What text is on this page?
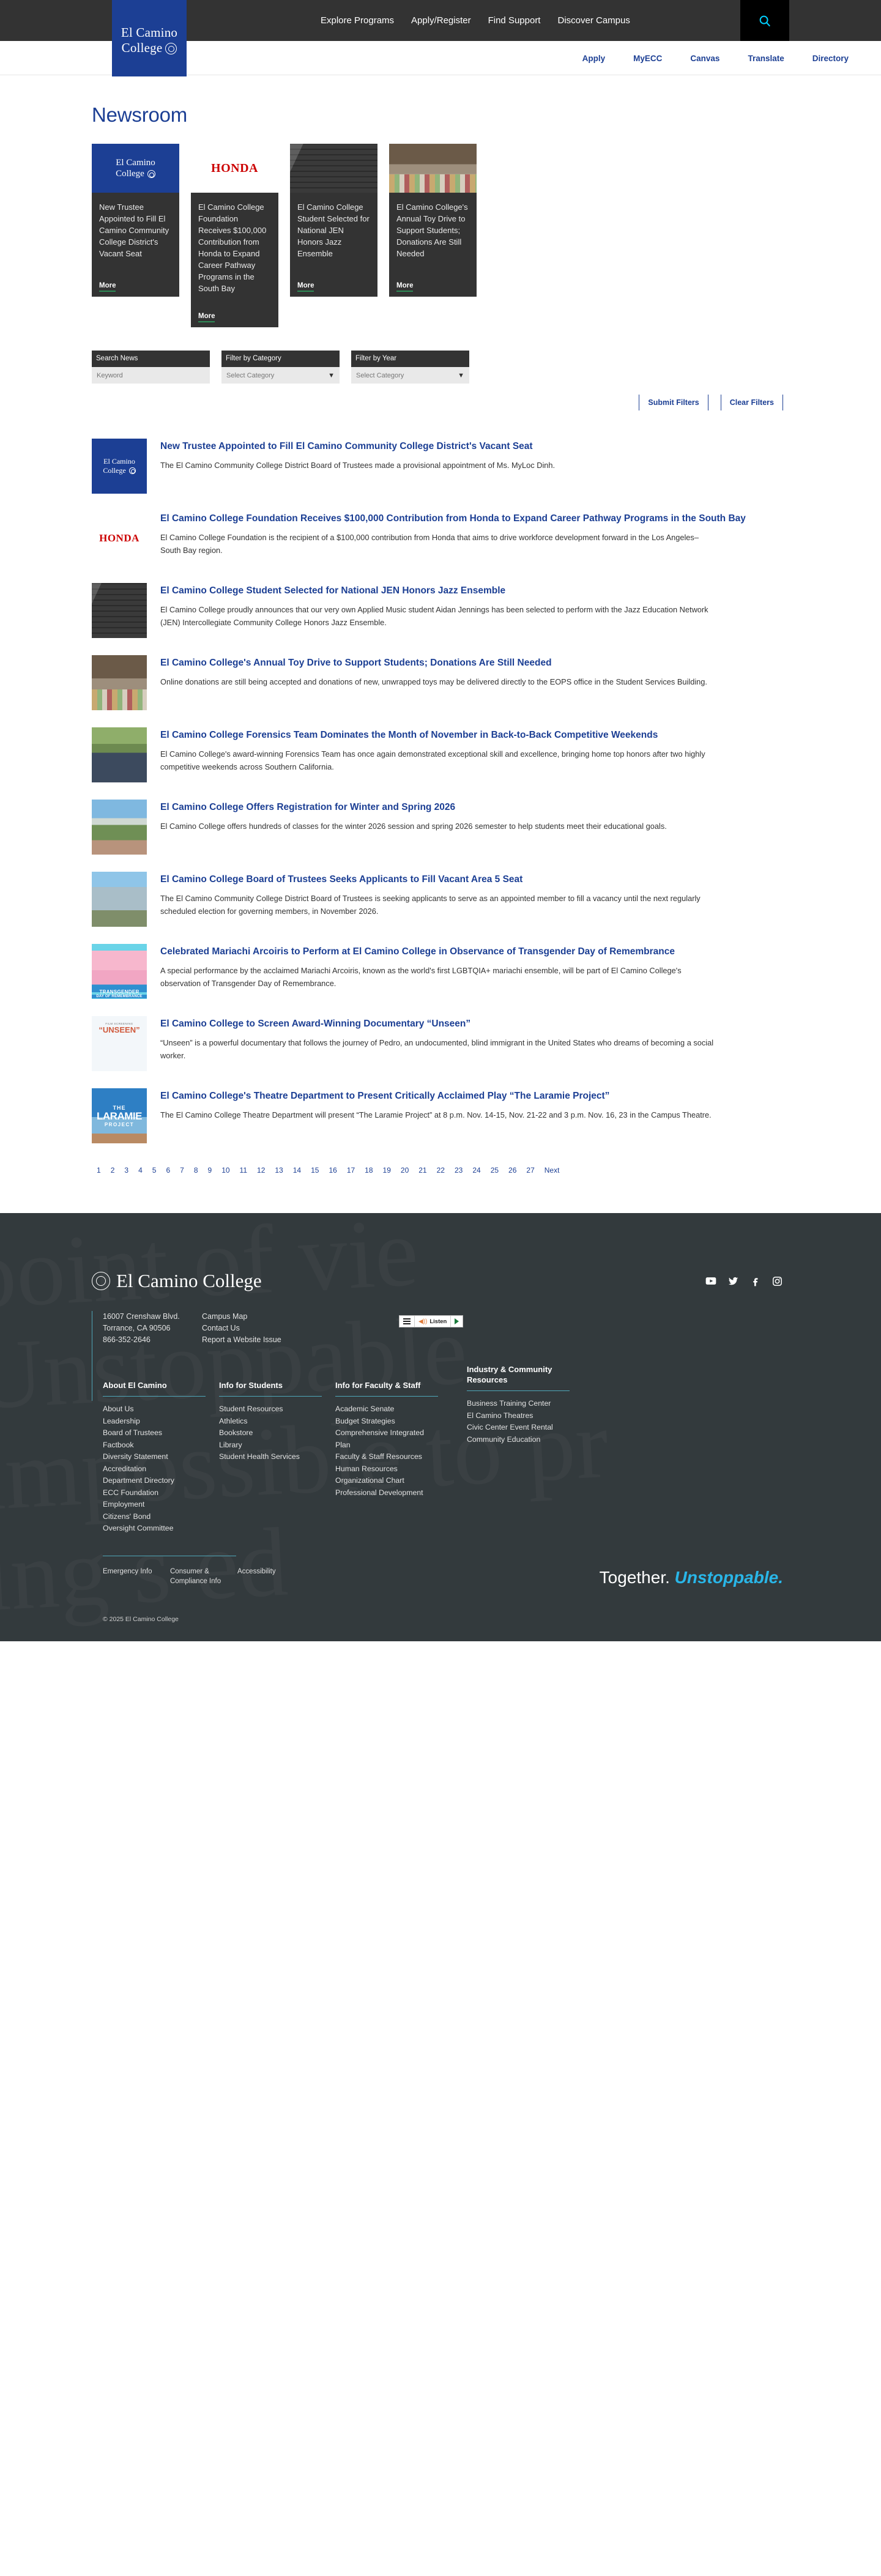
Explore Programs	Apply/Register	Find Support	Discover Campus
El Camino
College
Apply	MyECC	Canvas	Translate	Directory
Newsroom
El Camino
College
New Trustee Appointed to Fill El Camino Community College District's Vacant Seat
More
HONDA
El Camino College Foundation Receives $100,000 Contribution from Honda to Expand Career Pathway Programs in the South Bay
More
El Camino College Student Selected for National JEN Honors Jazz Ensemble
More
El Camino College's Annual Toy Drive to Support Students; Donations Are Still Needed
More
Search News
Keyword	Filter by Category
Select Category	▼
Filter by Year
Select Category	▼
Submit Filters	Clear Filters
El Camino
College
New Trustee Appointed to Fill El Camino Community College District's Vacant Seat
The El Camino Community College District Board of Trustees made a provisional appointment of Ms. MyLoc Dinh.
HONDA
El Camino College Foundation Receives $100,000 Contribution from Honda to Expand Career Pathway Programs in the South Bay
El Camino College Foundation is the recipient of a $100,000 contribution from Honda that aims to drive workforce development forward in the Los Angeles–South Bay region.
El Camino College Student Selected for National JEN Honors Jazz Ensemble
El Camino College proudly announces that our very own Applied Music student Aidan Jennings has been selected to perform with the Jazz Education Network (JEN) Intercollegiate Community College Honors Jazz Ensemble.
El Camino College's Annual Toy Drive to Support Students; Donations Are Still Needed
Online donations are still being accepted and donations of new, unwrapped toys may be delivered directly to the EOPS office in the Student Services Building.
El Camino College Forensics Team Dominates the Month of November in Back-to-Back Competitive Weekends
El Camino College's award-winning Forensics Team has once again demonstrated exceptional skill and excellence, bringing home top honors after two highly competitive weekends across Southern California.
El Camino College Offers Registration for Winter and Spring 2026
El Camino College offers hundreds of classes for the winter 2026 session and spring 2026 semester to help students meet their educational goals.
El Camino College Board of Trustees Seeks Applicants to Fill Vacant Area 5 Seat
The El Camino Community College District Board of Trustees is seeking applicants to serve as an appointed member to fill a vacancy until the next regularly scheduled election for governing members, in November 2026.
TRANSGENDER
DAY OF REMEMBRANCE
Celebrated Mariachi Arcoiris to Perform at El Camino College in Observance of Transgender Day of Remembrance
A special performance by the acclaimed Mariachi Arcoiris, known as the world's first LGBTQIA+ mariachi ensemble, will be part of El Camino College's observation of Transgender Day of Remembrance.
FILM SCREENING
“UNSEEN”
El Camino College to Screen Award-Winning Documentary “Unseen”
“Unseen” is a powerful documentary that follows the journey of Pedro, an undocumented, blind immigrant in the United States who dreams of becoming a social worker.
THE
LARAMIE
PROJECT
El Camino College's Theatre Department to Present Critically Acclaimed Play “The Laramie Project”
The El Camino College Theatre Department will present “The Laramie Project” at 8 p.m. Nov. 14-15, Nov. 21-22 and 3 p.m. Nov. 16, 23 in the Campus Theatre.
1	2	3	4	5	6	7	8	9	10	11	12	13	14	15	16	17	18	19	20	21	22	23	24	25	26	27	Next

El Camino College
16007 Crenshaw Blvd.
Torrance, CA 90506
866-352-2646
Campus Map
Contact Us
Report a Website Issue
◀)) Listen
About El Camino
About Us
Leadership
Board of Trustees
Factbook
Diversity Statement
Accreditation
Department Directory
ECC Foundation
Employment
Citizens' Bond Oversight Committee
Info for Students
Student Resources
Athletics
Bookstore
Library
Student Health Services
Info for Faculty & Staff
Academic Senate
Budget Strategies
Comprehensive Integrated Plan
Faculty & Staff Resources
Human Resources
Organizational Chart
Professional Development
Industry & Community Resources
Business Training Center
El Camino Theatres
Civic Center Event Rental
Community Education
Emergency Info	Consumer & Compliance Info
Accessibility	Together. Unstoppable.
© 2025 El Camino College
